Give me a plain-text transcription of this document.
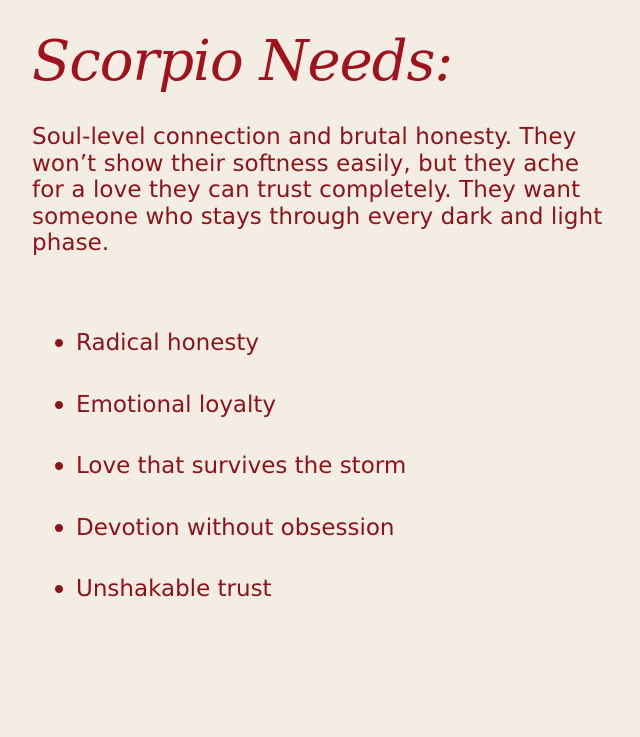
Scorpio Needs:

Soul-level connection and brutal honesty. They won’t show their softness easily, but they ache for a love they can trust completely. They want someone who stays through every dark and light phase.

Radical honesty
Emotional loyalty
Love that survives the storm
Devotion without obsession
Unshakable trust
